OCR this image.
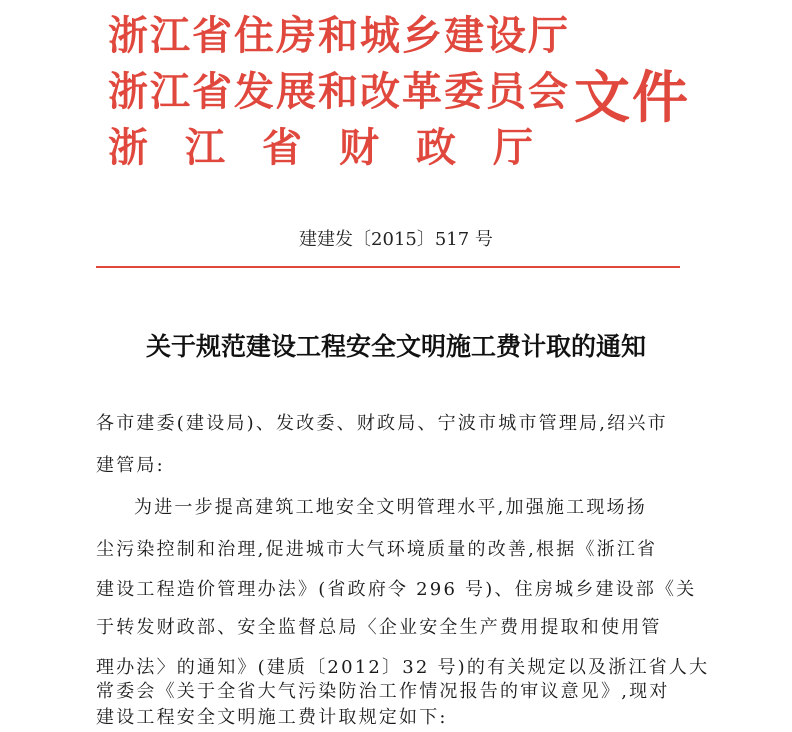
浙江省住房和城乡建设厅
浙江省发展和改革委员会
浙江省财政厅
文件
建建发〔2015〕517 号
关于规范建设工程安全文明施工费计取的通知
各市建委(建设局)、发改委、财政局、宁波市城市管理局,绍兴市
建管局:
为进一步提高建筑工地安全文明管理水平,加强施工现场扬
尘污染控制和治理,促进城市大气环境质量的改善,根据《浙江省
建设工程造价管理办法》(省政府令 296 号)、住房城乡建设部《关
于转发财政部、安全监督总局〈企业安全生产费用提取和使用管
理办法〉的通知》(建质〔2012〕32 号)的有关规定以及浙江省人大
常委会《关于全省大气污染防治工作情况报告的审议意见》,现对
建设工程安全文明施工费计取规定如下:
